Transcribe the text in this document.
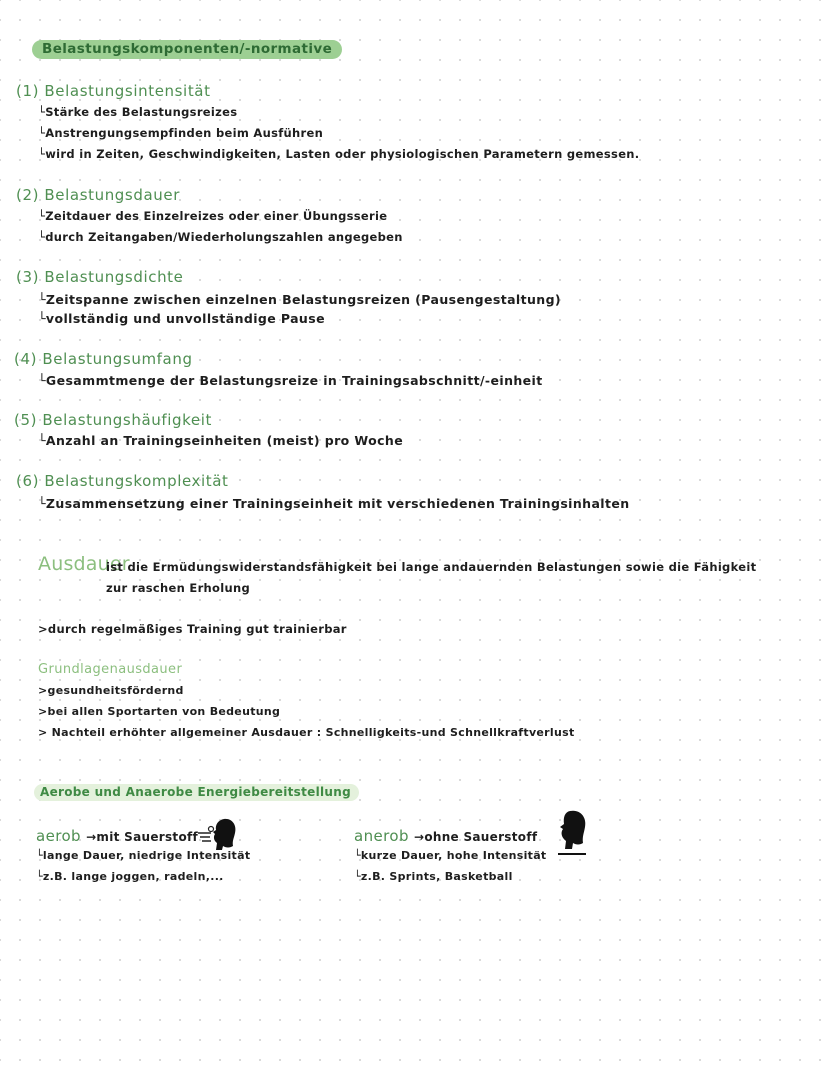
Belastungskomponenten/-normative
(1) Belastungsintensität
└Stärke des Belastungsreizes
└Anstrengungsempfinden beim Ausführen
└wird in Zeiten, Geschwindigkeiten, Lasten oder physiologischen Parametern gemessen.
(2) Belastungsdauer
└Zeitdauer des Einzelreizes oder einer Übungsserie
└durch Zeitangaben/Wiederholungszahlen angegeben
(3) Belastungsdichte
└Zeitspanne zwischen einzelnen Belastungsreizen (Pausengestaltung)
└vollständig und unvollständige Pause
(4) Belastungsumfang
└Gesammtmenge der Belastungsreize in Trainingsabschnitt/-einheit
(5) Belastungshäufigkeit
└Anzahl an Trainingseinheiten (meist) pro Woche
(6) Belastungskomplexität
└Zusammensetzung einer Trainingseinheit mit verschiedenen Trainingsinhalten
Ausdauer
ist die Ermüdungswiderstandsfähigkeit bei lange andauernden Belastungen sowie die Fähigkeit
zur raschen Erholung
>durch regelmäßiges Training gut trainierbar
Grundlagenausdauer
>gesundheitsfördernd
>bei allen Sportarten von Bedeutung
> Nachteil erhöhter allgemeiner Ausdauer : Schnelligkeits-und Schnellkraftverlust
Aerobe und Anaerobe Energiebereitstellung
aerob →mit Sauerstoff
└lange Dauer, niedrige Intensität
└z.B. lange joggen, radeln,...
anerob →ohne Sauerstoff
└kurze Dauer, hohe Intensität
└z.B. Sprints, Basketball
